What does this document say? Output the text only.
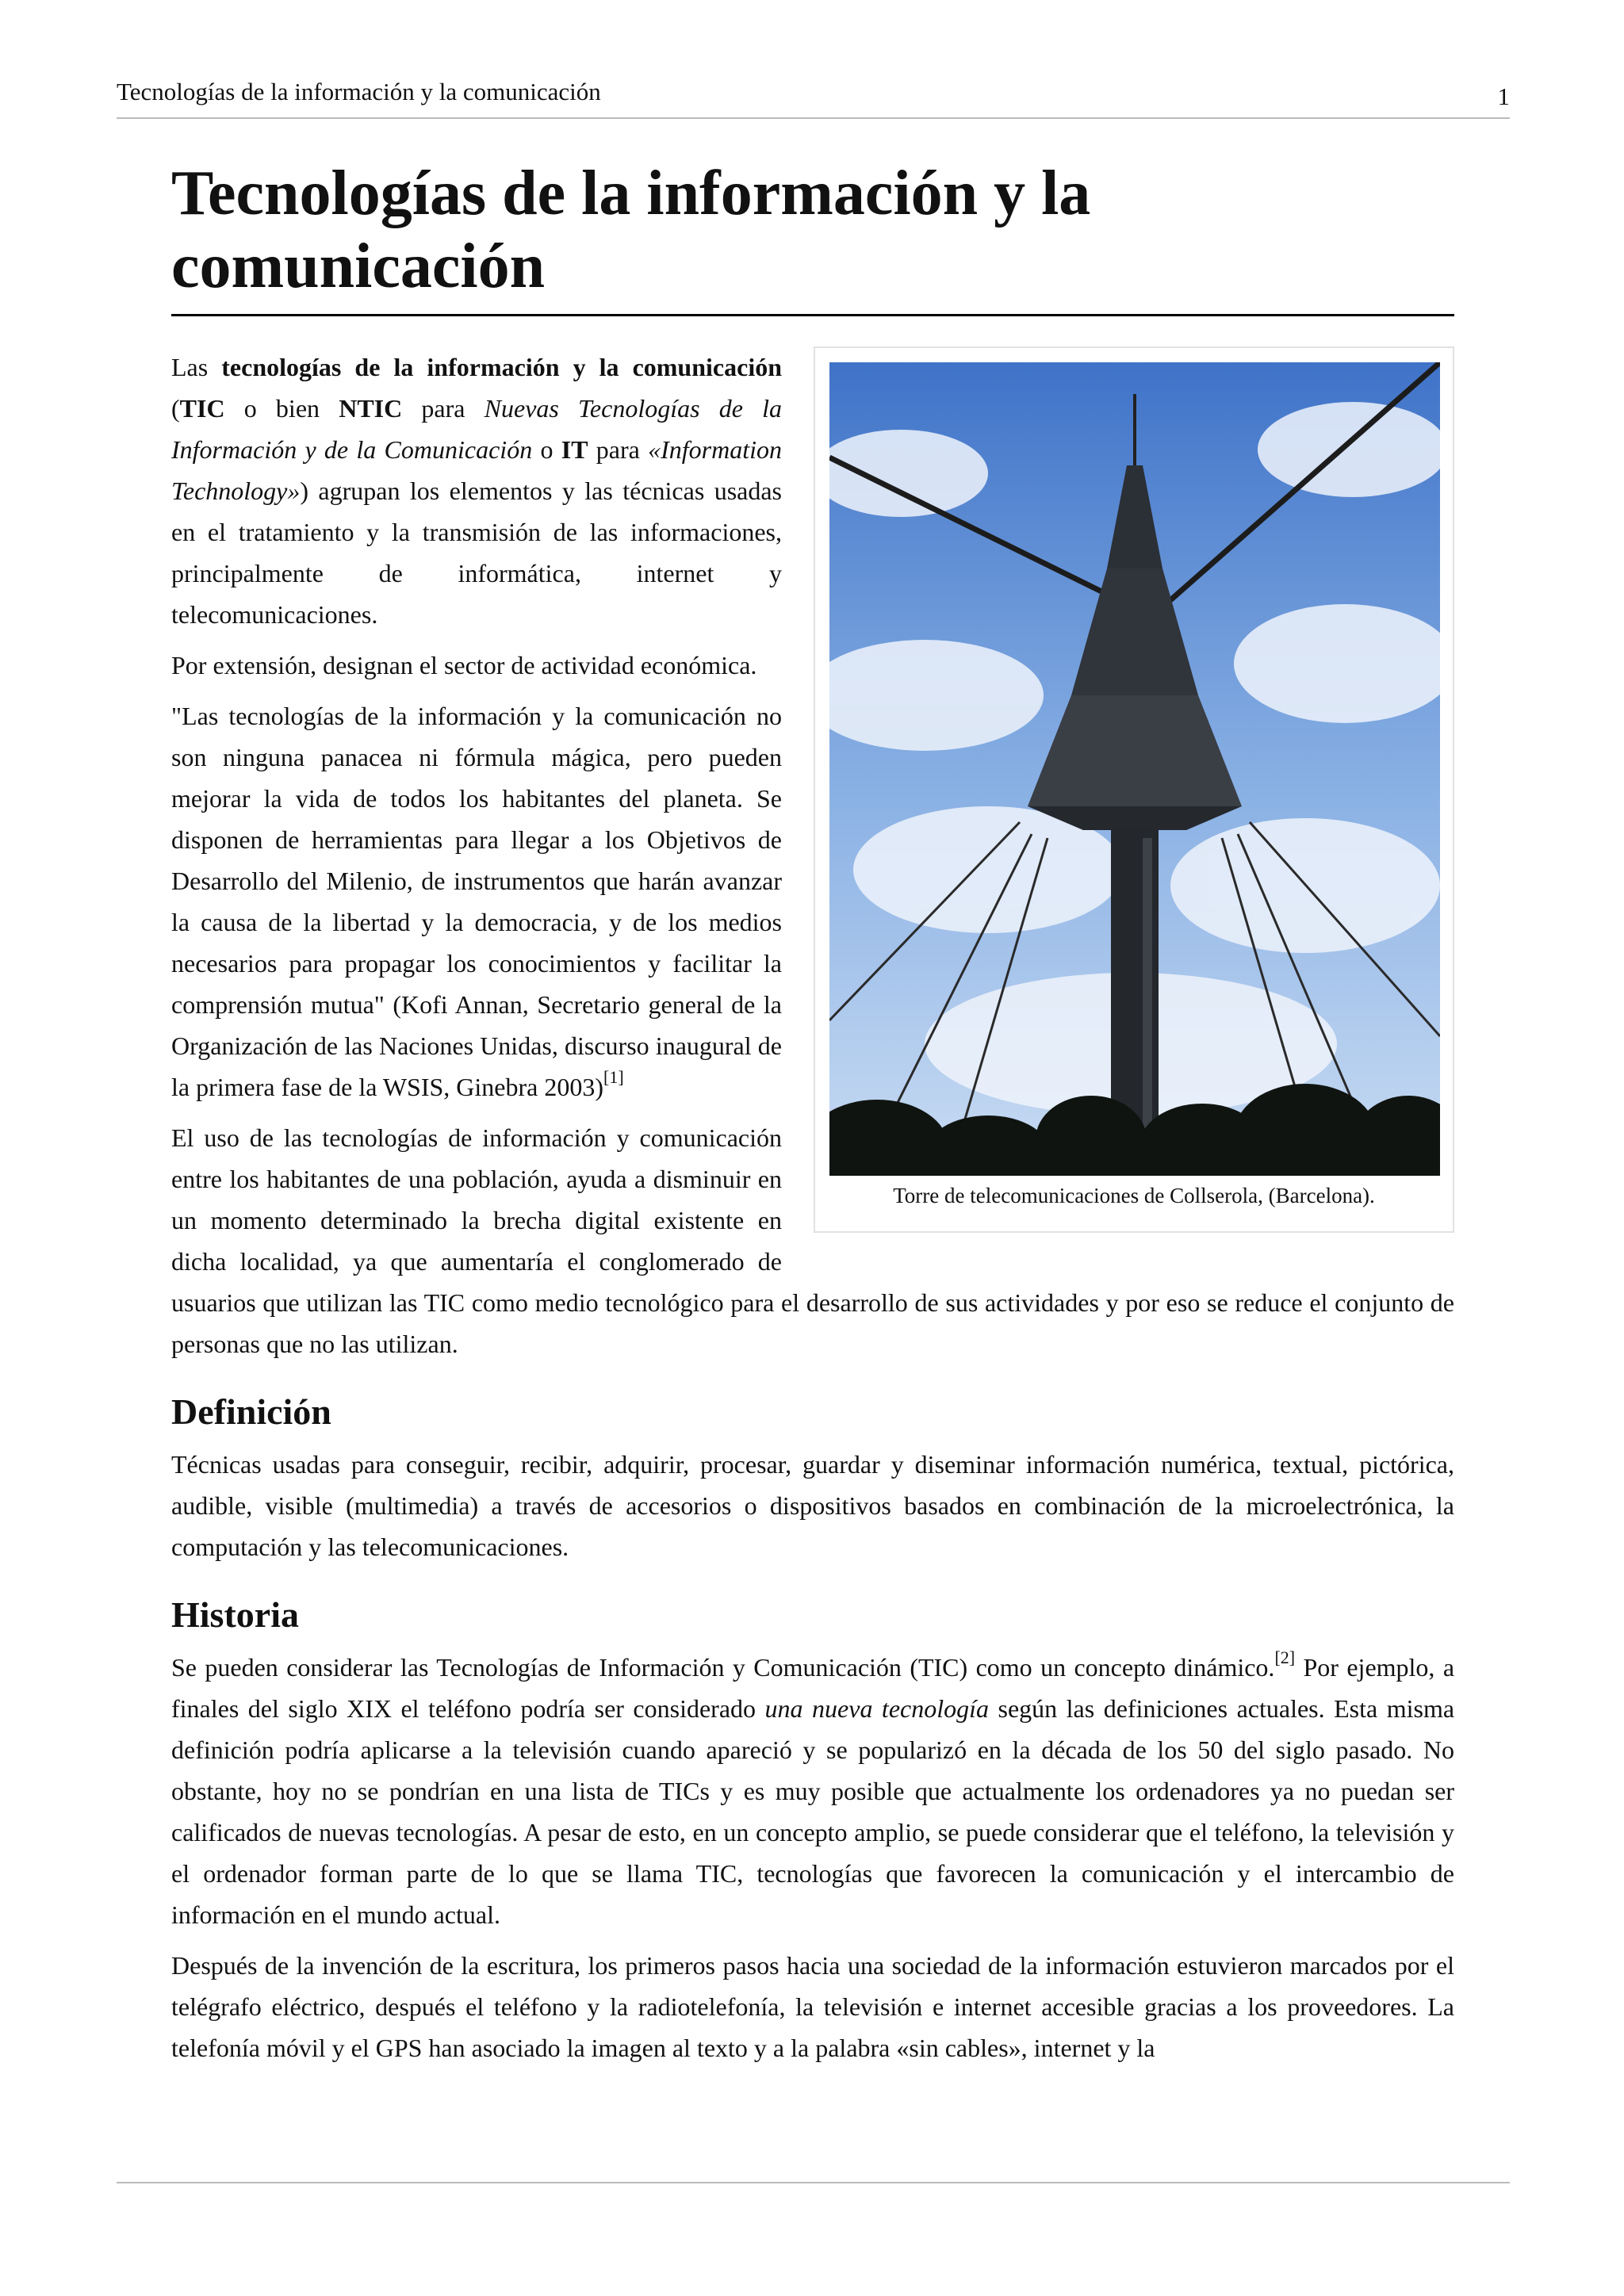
Tecnologías de la información y la comunicación	1
Tecnologías de la información y la comunicación
Torre de telecomunicaciones de Collserola, (Barcelona).

Las tecnologías de la información y la comunicación (TIC o bien NTIC para Nuevas Tecnologías de la Información y de la Comunicación o IT para «Information Technology») agrupan los elementos y las técnicas usadas en el tratamiento y la transmisión de las informaciones, principalmente de informática, internet y telecomunicaciones.

Por extensión, designan el sector de actividad económica.

"Las tecnologías de la información y la comunicación no son ninguna panacea ni fórmula mágica, pero pueden mejorar la vida de todos los habitantes del planeta. Se disponen de herramientas para llegar a los Objetivos de Desarrollo del Milenio, de instrumentos que harán avanzar la causa de la libertad y la democracia, y de los medios necesarios para propagar los conocimientos y facilitar la comprensión mutua" (Kofi Annan, Secretario general de la Organización de las Naciones Unidas, discurso inaugural de la primera fase de la WSIS, Ginebra 2003)[1]

El uso de las tecnologías de información y comunicación entre los habitantes de una población, ayuda a disminuir en un momento determinado la brecha digital existente en dicha localidad, ya que aumentaría el conglomerado de usuarios que utilizan las TIC como medio tecnológico para el desarrollo de sus actividades y por eso se reduce el conjunto de personas que no las utilizan.

Definición

Técnicas usadas para conseguir, recibir, adquirir, procesar, guardar y diseminar información numérica, textual, pictórica, audible, visible (multimedia) a través de accesorios o dispositivos basados en combinación de la microelectrónica, la computación y las telecomunicaciones.

Historia

Se pueden considerar las Tecnologías de Información y Comunicación (TIC) como un concepto dinámico.[2] Por ejemplo, a finales del siglo XIX el teléfono podría ser considerado una nueva tecnología según las definiciones actuales. Esta misma definición podría aplicarse a la televisión cuando apareció y se popularizó en la década de los 50 del siglo pasado. No obstante, hoy no se pondrían en una lista de TICs y es muy posible que actualmente los ordenadores ya no puedan ser calificados de nuevas tecnologías. A pesar de esto, en un concepto amplio, se puede considerar que el teléfono, la televisión y el ordenador forman parte de lo que se llama TIC, tecnologías que favorecen la comunicación y el intercambio de información en el mundo actual.

Después de la invención de la escritura, los primeros pasos hacia una sociedad de la información estuvieron marcados por el telégrafo eléctrico, después el teléfono y la radiotelefonía, la televisión e internet accesible gracias a los proveedores. La telefonía móvil y el GPS han asociado la imagen al texto y a la palabra «sin cables», internet y la
